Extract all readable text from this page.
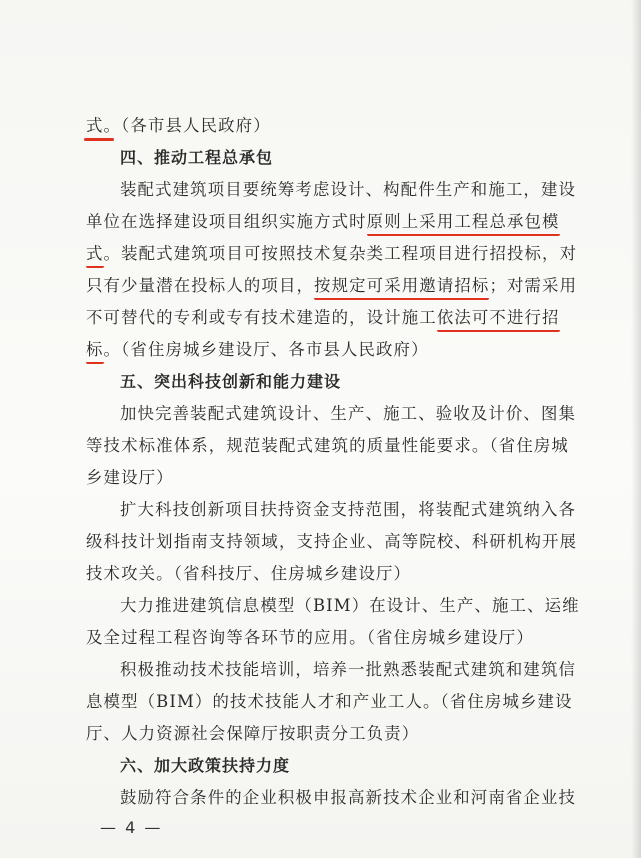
式。（各市县人民政府）
四、推动工程总承包
装配式建筑项目要统筹考虑设计、构配件生产和施工，建设
单位在选择建设项目组织实施方式时原则上采用工程总承包模
式。装配式建筑项目可按照技术复杂类工程项目进行招投标，对
只有少量潜在投标人的项目，按规定可采用邀请招标；对需采用
不可替代的专利或专有技术建造的，设计施工依法可不进行招
标。（省住房城乡建设厅、各市县人民政府）
五、突出科技创新和能力建设
加快完善装配式建筑设计、生产、施工、验收及计价、图集
等技术标准体系，规范装配式建筑的质量性能要求。（省住房城
乡建设厅）
扩大科技创新项目扶持资金支持范围，将装配式建筑纳入各
级科技计划指南支持领域，支持企业、高等院校、科研机构开展
技术攻关。（省科技厅、住房城乡建设厅）
大力推进建筑信息模型（BIM）在设计、生产、施工、运维
及全过程工程咨询等各环节的应用。（省住房城乡建设厅）
积极推动技术技能培训，培养一批熟悉装配式建筑和建筑信
息模型（BIM）的技术技能人才和产业工人。（省住房城乡建设
厅、人力资源社会保障厅按职责分工负责）
六、加大政策扶持力度
鼓励符合条件的企业积极申报高新技术企业和河南省企业技
— 4 —
